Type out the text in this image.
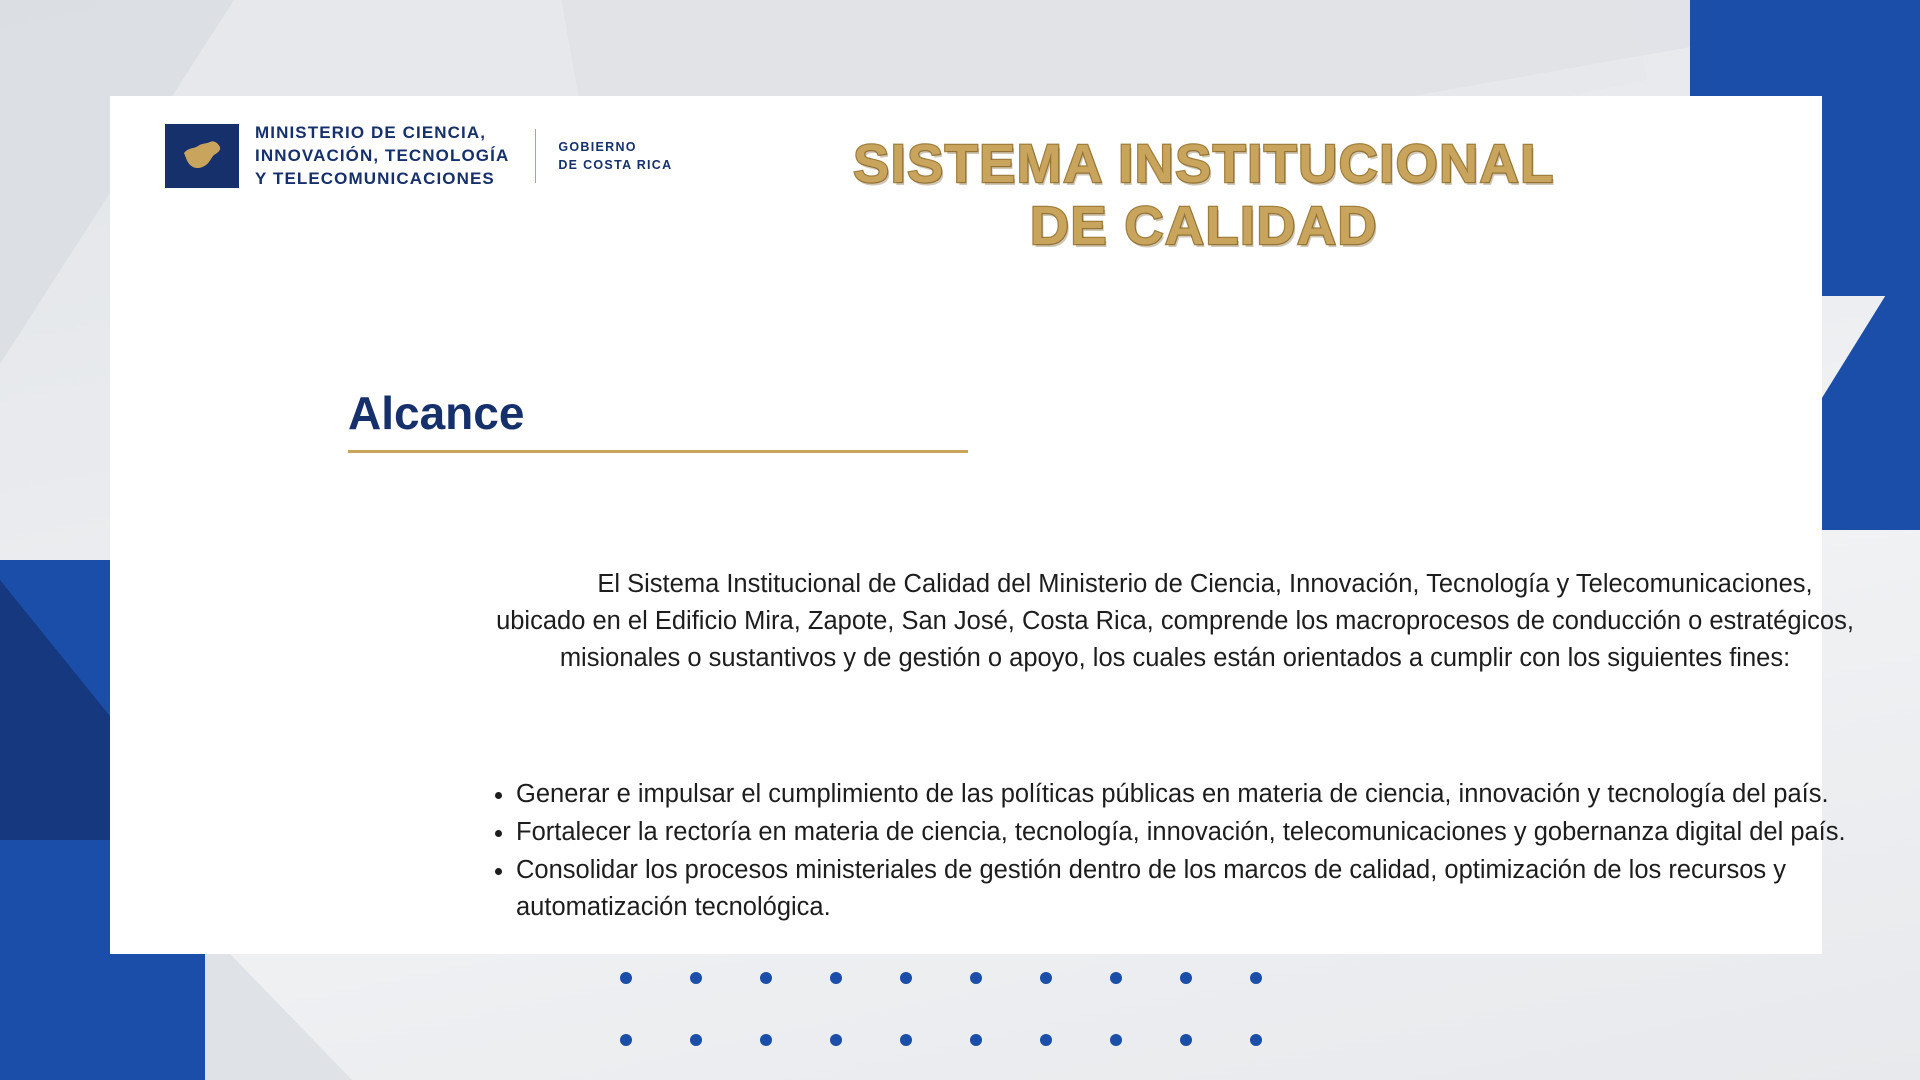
MINISTERIO DE CIENCIA,
INNOVACIÓN, TECNOLOGÍA
Y TELECOMUNICACIONES
GOBIERNO
DE COSTA RICA	SISTEMA INSTITUCIONAL DE CALIDAD
Alcance
El Sistema Institucional de Calidad del Ministerio de Ciencia, Innovación, Tecnología y Telecomunicaciones, ubicado en el Edificio Mira, Zapote, San José, Costa Rica, comprende los macroprocesos de conducción o estratégicos, misionales o sustantivos y de gestión o apoyo, los cuales están orientados a cumplir con los siguientes fines:
• Generar e impulsar el cumplimiento de las políticas públicas en materia de ciencia, innovación y tecnología del país.
• Fortalecer la rectoría en materia de ciencia, tecnología, innovación, telecomunicaciones y gobernanza digital del país.
• Consolidar los procesos ministeriales de gestión dentro de los marcos de calidad, optimización de los recursos y automatización tecnológica.
